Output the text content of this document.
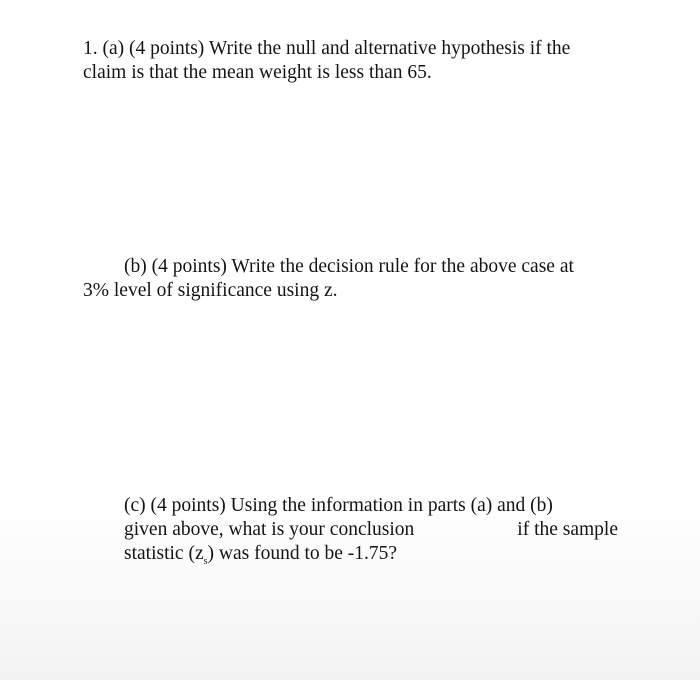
1. (a) (4 points) Write the null and alternative hypothesis if the
claim is that the mean weight is less than 65.
(b) (4 points) Write the decision rule for the above case at
3% level of significance using z.
(c) (4 points) Using the information in parts (a) and (b)
given above, what is your conclusion	if the sample
statistic $(z_s)$ was found to be -1.75?
